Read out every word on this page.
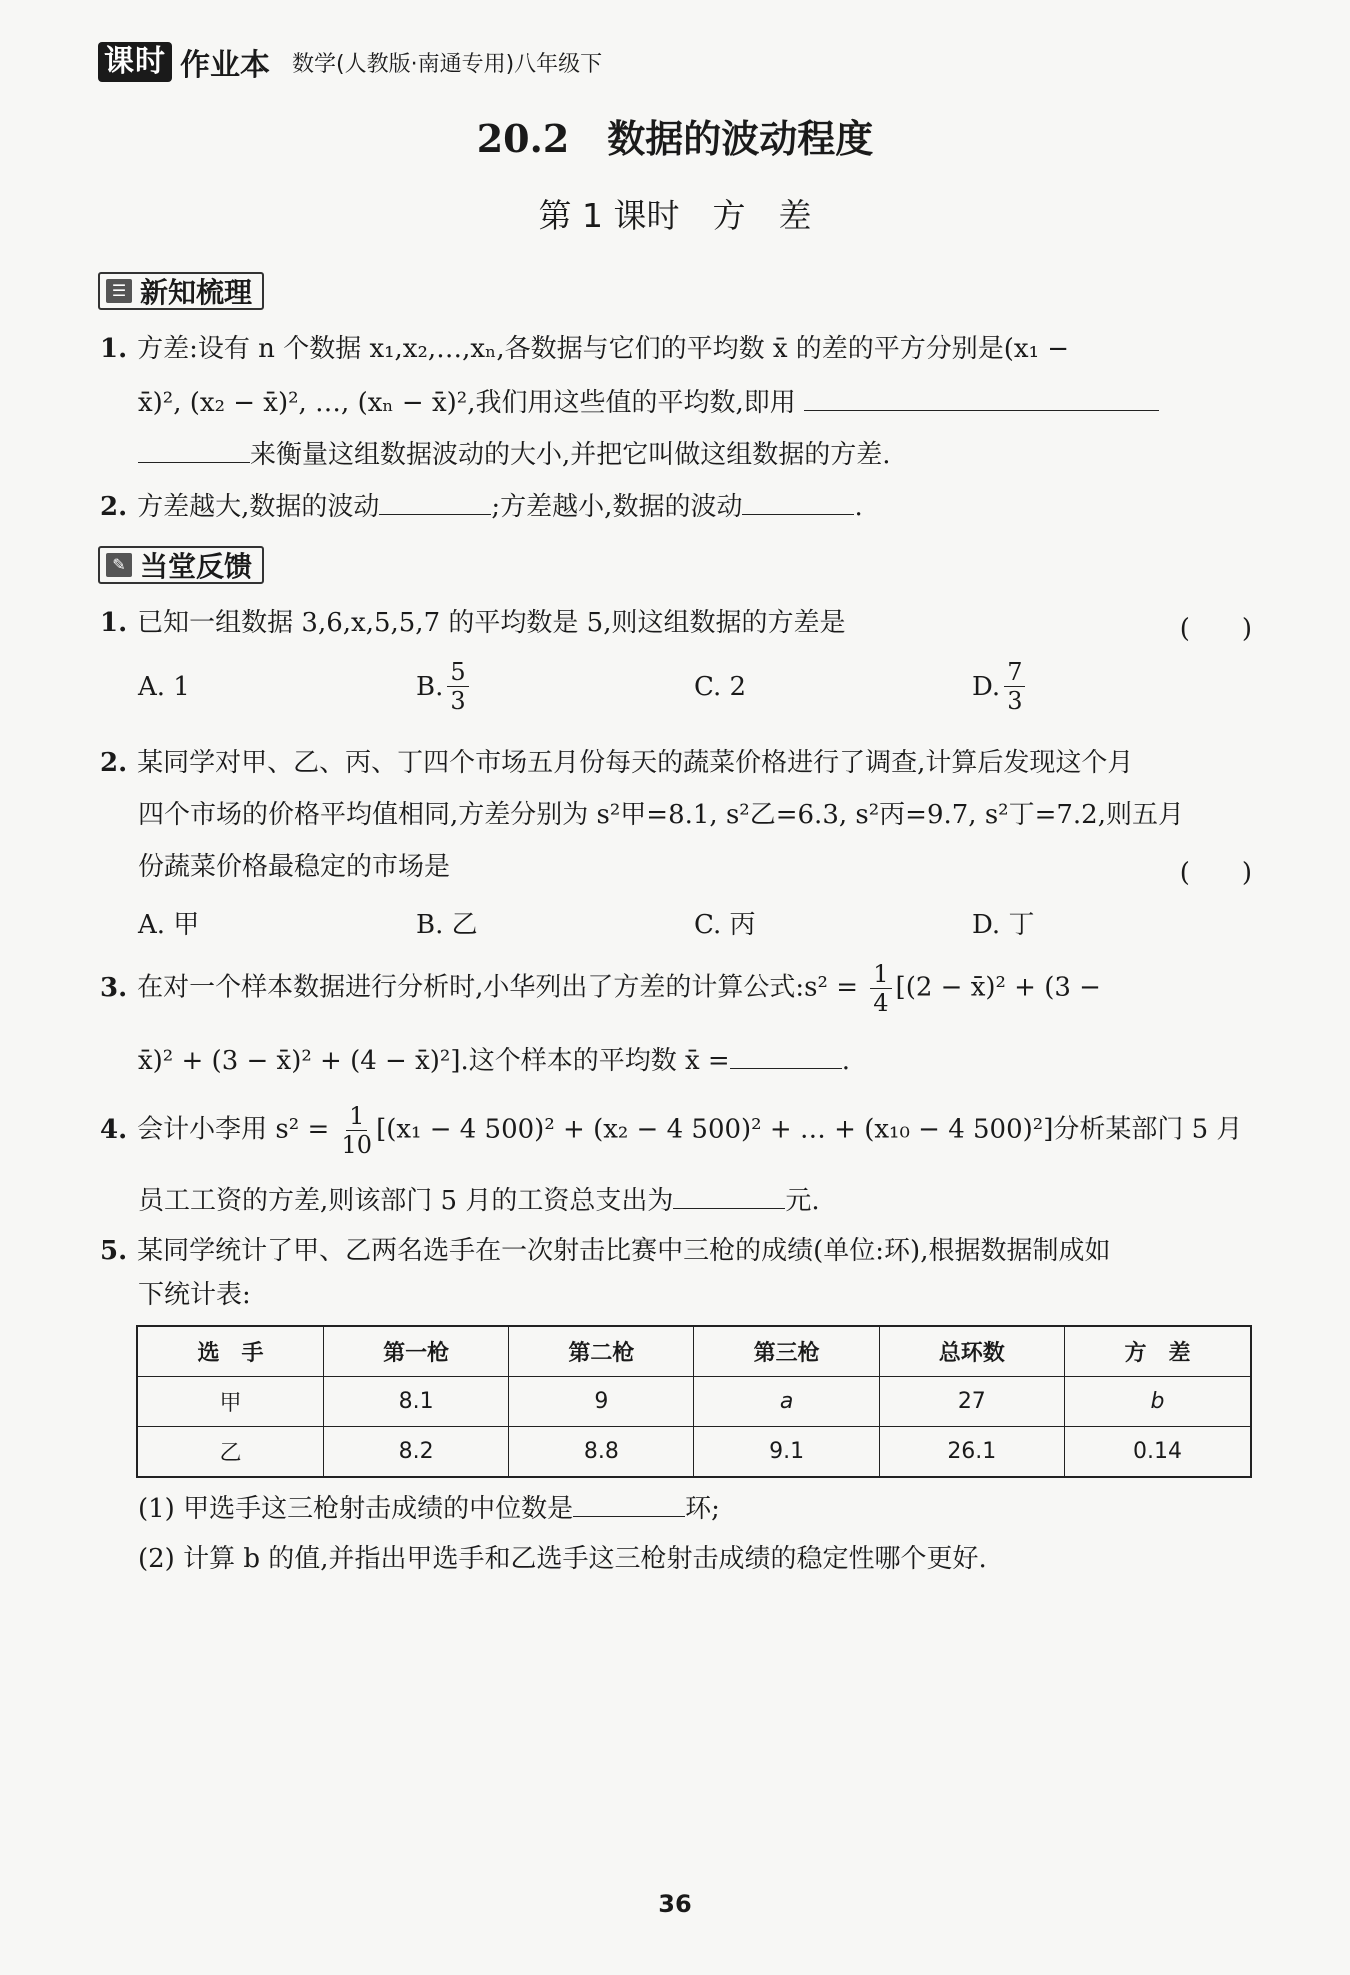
课时 作业本 数学(人教版·南通专用)八年级下
20.2　数据的波动程度
第 1 课时　方　差
☰ 新知梳理
1. 方差:设有 n 个数据 x₁,x₂,…,xₙ,各数据与它们的平均数 x̄ 的差的平方分别是(x₁ −
x̄)², (x₂ − x̄)², …, (xₙ − x̄)²,我们用这些值的平均数,即用
来衡量这组数据波动的大小,并把它叫做这组数据的方差.
2. 方差越大,数据的波动	;方差越小,数据的波动	.
✎ 当堂反馈
1. 已知一组数据 3,6,x,5,5,7 的平均数是 5,则这组数据的方差是	(　　)
A. 1	B. $\frac{5}{3}$	C. 2	D. $\frac{7}{3}$
2. 某同学对甲、乙、丙、丁四个市场五月份每天的蔬菜价格进行了调查,计算后发现这个月
四个市场的价格平均值相同,方差分别为 s²甲=8.1, s²乙=6.3, s²丙=9.7, s²丁=7.2,则五月
份蔬菜价格最稳定的市场是	(　　)
A. 甲	B. 乙	C. 丙	D. 丁
3. 在对一个样本数据进行分析时,小华列出了方差的计算公式:s² = $\frac{1}{4} [(2$ − x̄)² + (3 −
x̄)² + (3 − x̄)² + (4 − x̄)²].这个样本的平均数 x̄ =	.
4. 会计小李用 $s^2 = \frac{1}{10} [(x_1 - 4$ 500)² + (x₂ − 4 500)² + … + (x₁₀ − 4 500)²]分析某部门 5 月
员工工资的方差,则该部门 5 月的工资总支出为	元.
5. 某同学统计了甲、乙两名选手在一次射击比赛中三枪的成绩(单位:环),根据数据制成如
下统计表:
选　手	第一枪	第二枪	第三枪	总环数	方　差
甲	8.1	9	a	27	b
乙	8.2	8.8	9.1	26.1	0.14
(1) 甲选手这三枪射击成绩的中位数是	环;
(2) 计算 b 的值,并指出甲选手和乙选手这三枪射击成绩的稳定性哪个更好.
36
